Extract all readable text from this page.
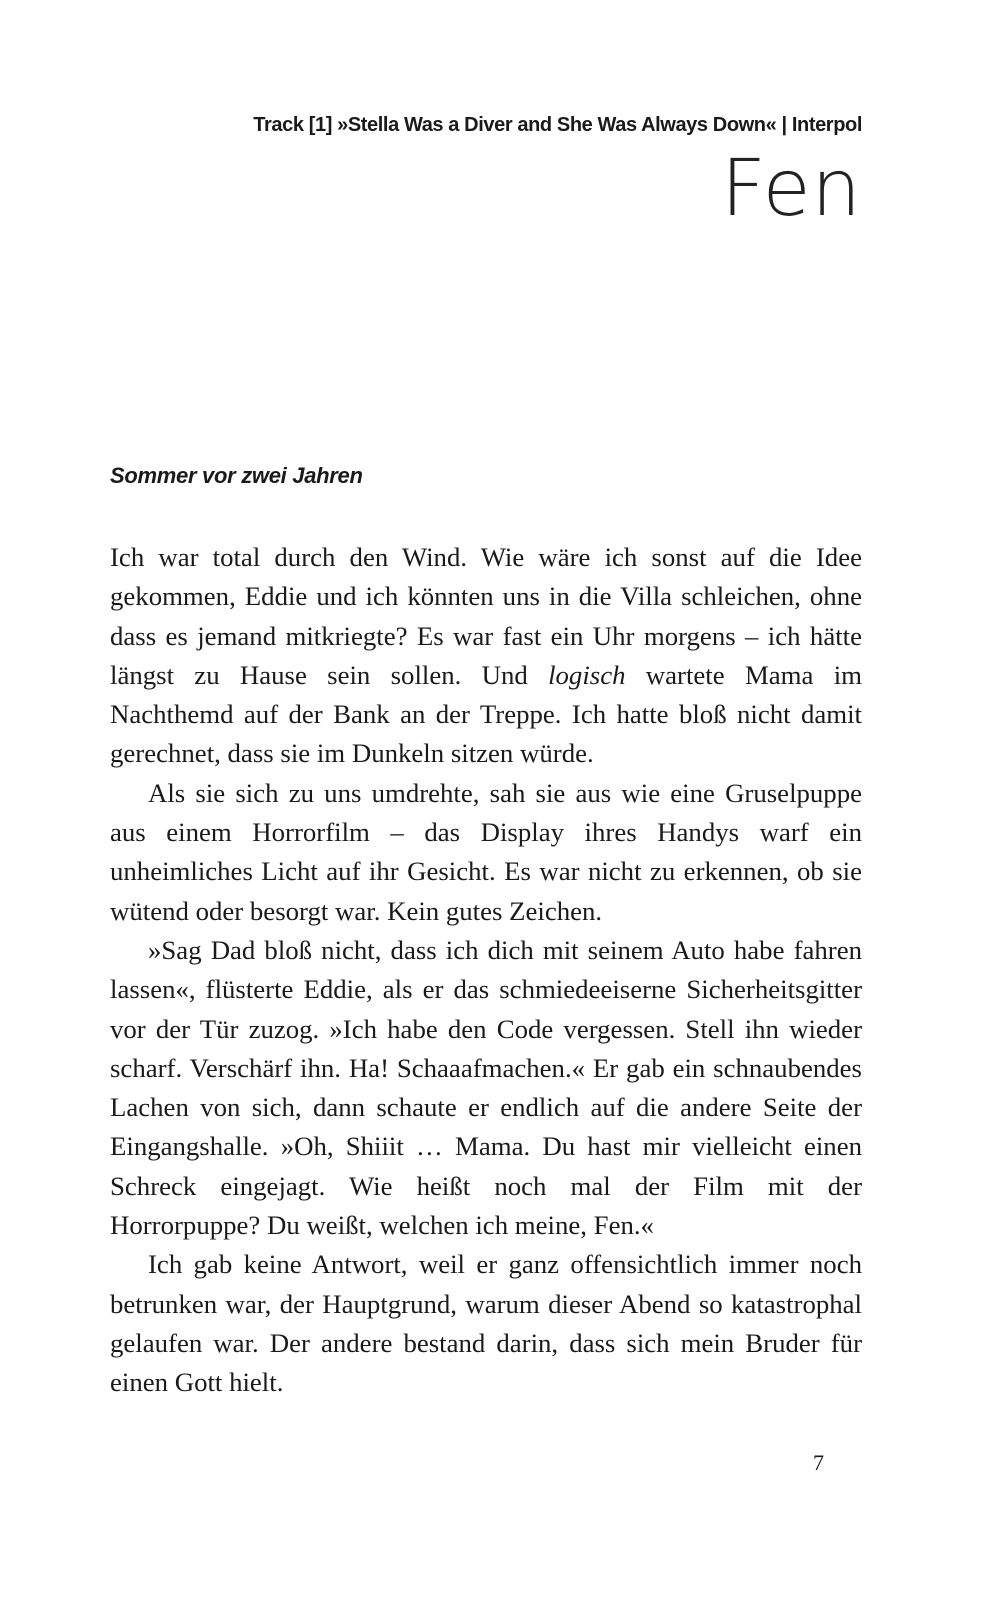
Track [1] »Stella Was a Diver and She Was Always Down« | Interpol
Fen
Sommer vor zwei Jahren

Ich war total durch den Wind. Wie wäre ich sonst auf die Idee gekommen, Eddie und ich könnten uns in die Villa schleichen, ohne dass es jemand mitkriegte? Es war fast ein Uhr morgens – ich hätte längst zu Hause sein sollen. Und logisch wartete Mama im Nachthemd auf der Bank an der Treppe. Ich hatte bloß nicht damit gerechnet, dass sie im Dunkeln sitzen würde.

Als sie sich zu uns umdrehte, sah sie aus wie eine Gruselpuppe aus einem Horrorfilm – das Display ihres Handys warf ein unheimliches Licht auf ihr Gesicht. Es war nicht zu erkennen, ob sie wütend oder besorgt war. Kein gutes Zeichen.

»Sag Dad bloß nicht, dass ich dich mit seinem Auto habe fahren lassen«, flüsterte Eddie, als er das schmiedeeiserne Sicherheitsgitter vor der Tür zuzog. »Ich habe den Code vergessen. Stell ihn wieder scharf. Verschärf ihn. Ha! Schaaafmachen.« Er gab ein schnaubendes Lachen von sich, dann schaute er endlich auf die andere Seite der Eingangshalle. »Oh, Shiiit … Mama. Du hast mir vielleicht einen Schreck eingejagt. Wie heißt noch mal der Film mit der Horrorpuppe? Du weißt, welchen ich meine, Fen.«

Ich gab keine Antwort, weil er ganz offensichtlich immer noch betrunken war, der Hauptgrund, warum dieser Abend so katastrophal gelaufen war. Der andere bestand darin, dass sich mein Bruder für einen Gott hielt.

7
